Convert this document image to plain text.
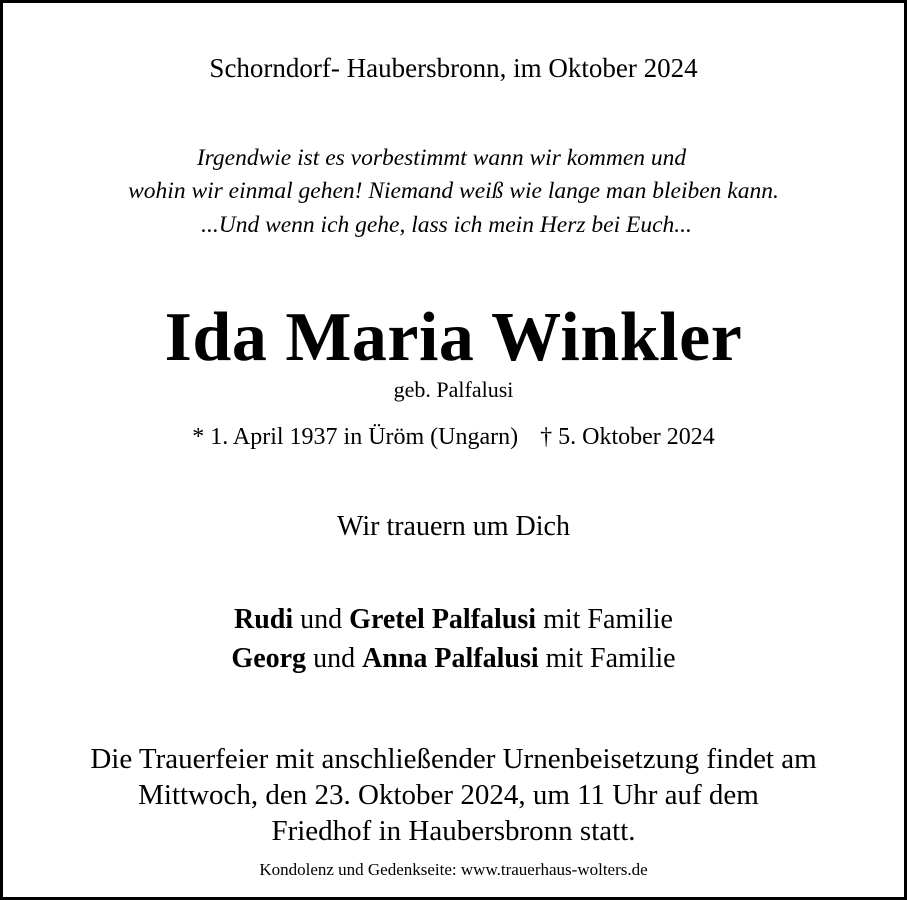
Schorndorf- Haubersbronn, im Oktober 2024
Irgendwie ist es vorbestimmt wann wir kommen und
wohin wir einmal gehen! Niemand weiß wie lange man bleiben kann.
...Und wenn ich gehe, lass ich mein Herz bei Euch...
Ida Maria Winkler
geb. Palfalusi
* 1. April 1937 in Üröm (Ungarn) † 5. Oktober 2024
Wir trauern um Dich
Rudi und Gretel Palfalusi mit Familie
Georg und Anna Palfalusi mit Familie
Die Trauerfeier mit anschließender Urnenbeisetzung findet am
Mittwoch, den 23. Oktober 2024, um 11 Uhr auf dem
Friedhof in Haubersbronn statt.
Kondolenz und Gedenkseite: www.trauerhaus-wolters.de
